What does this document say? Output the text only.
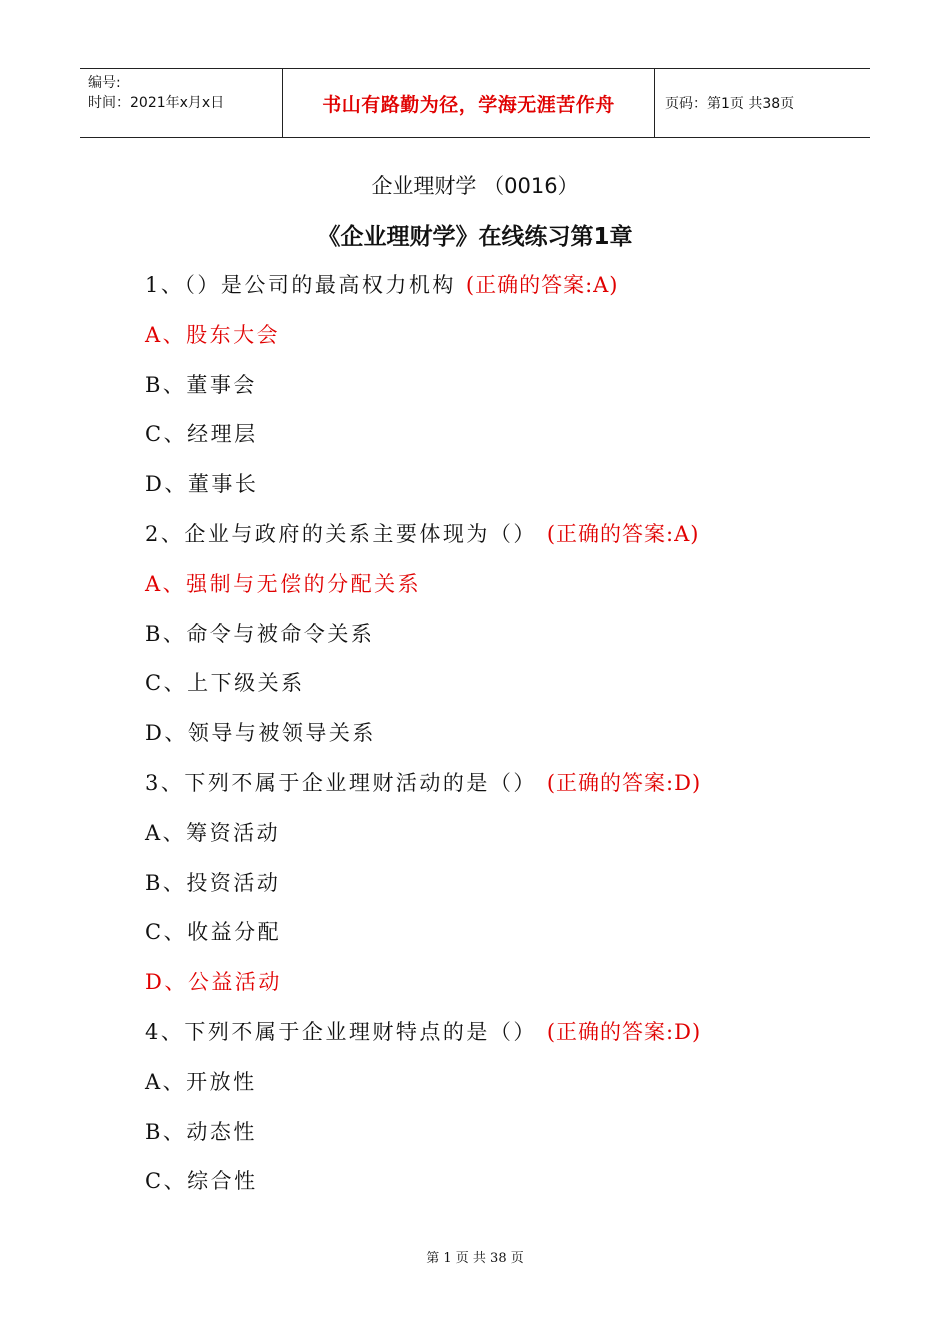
编号:
时间：2021年x月x日	书山有路勤为径，学海无涯苦作舟	页码：第1页 共38页
企业理财学 （0016）
《企业理财学》在线练习第1章
1、（）是公司的最高权力机构 (正确的答案:A)
A、股东大会
B、董事会
C、经理层
D、董事长
2、企业与政府的关系主要体现为（） (正确的答案:A)
A、强制与无偿的分配关系
B、命令与被命令关系
C、上下级关系
D、领导与被领导关系
3、下列不属于企业理财活动的是（） (正确的答案:D)
A、筹资活动
B、投资活动
C、收益分配
D、公益活动
4、下列不属于企业理财特点的是（） (正确的答案:D)
A、开放性
B、动态性
C、综合性
第 1 页 共 38 页
